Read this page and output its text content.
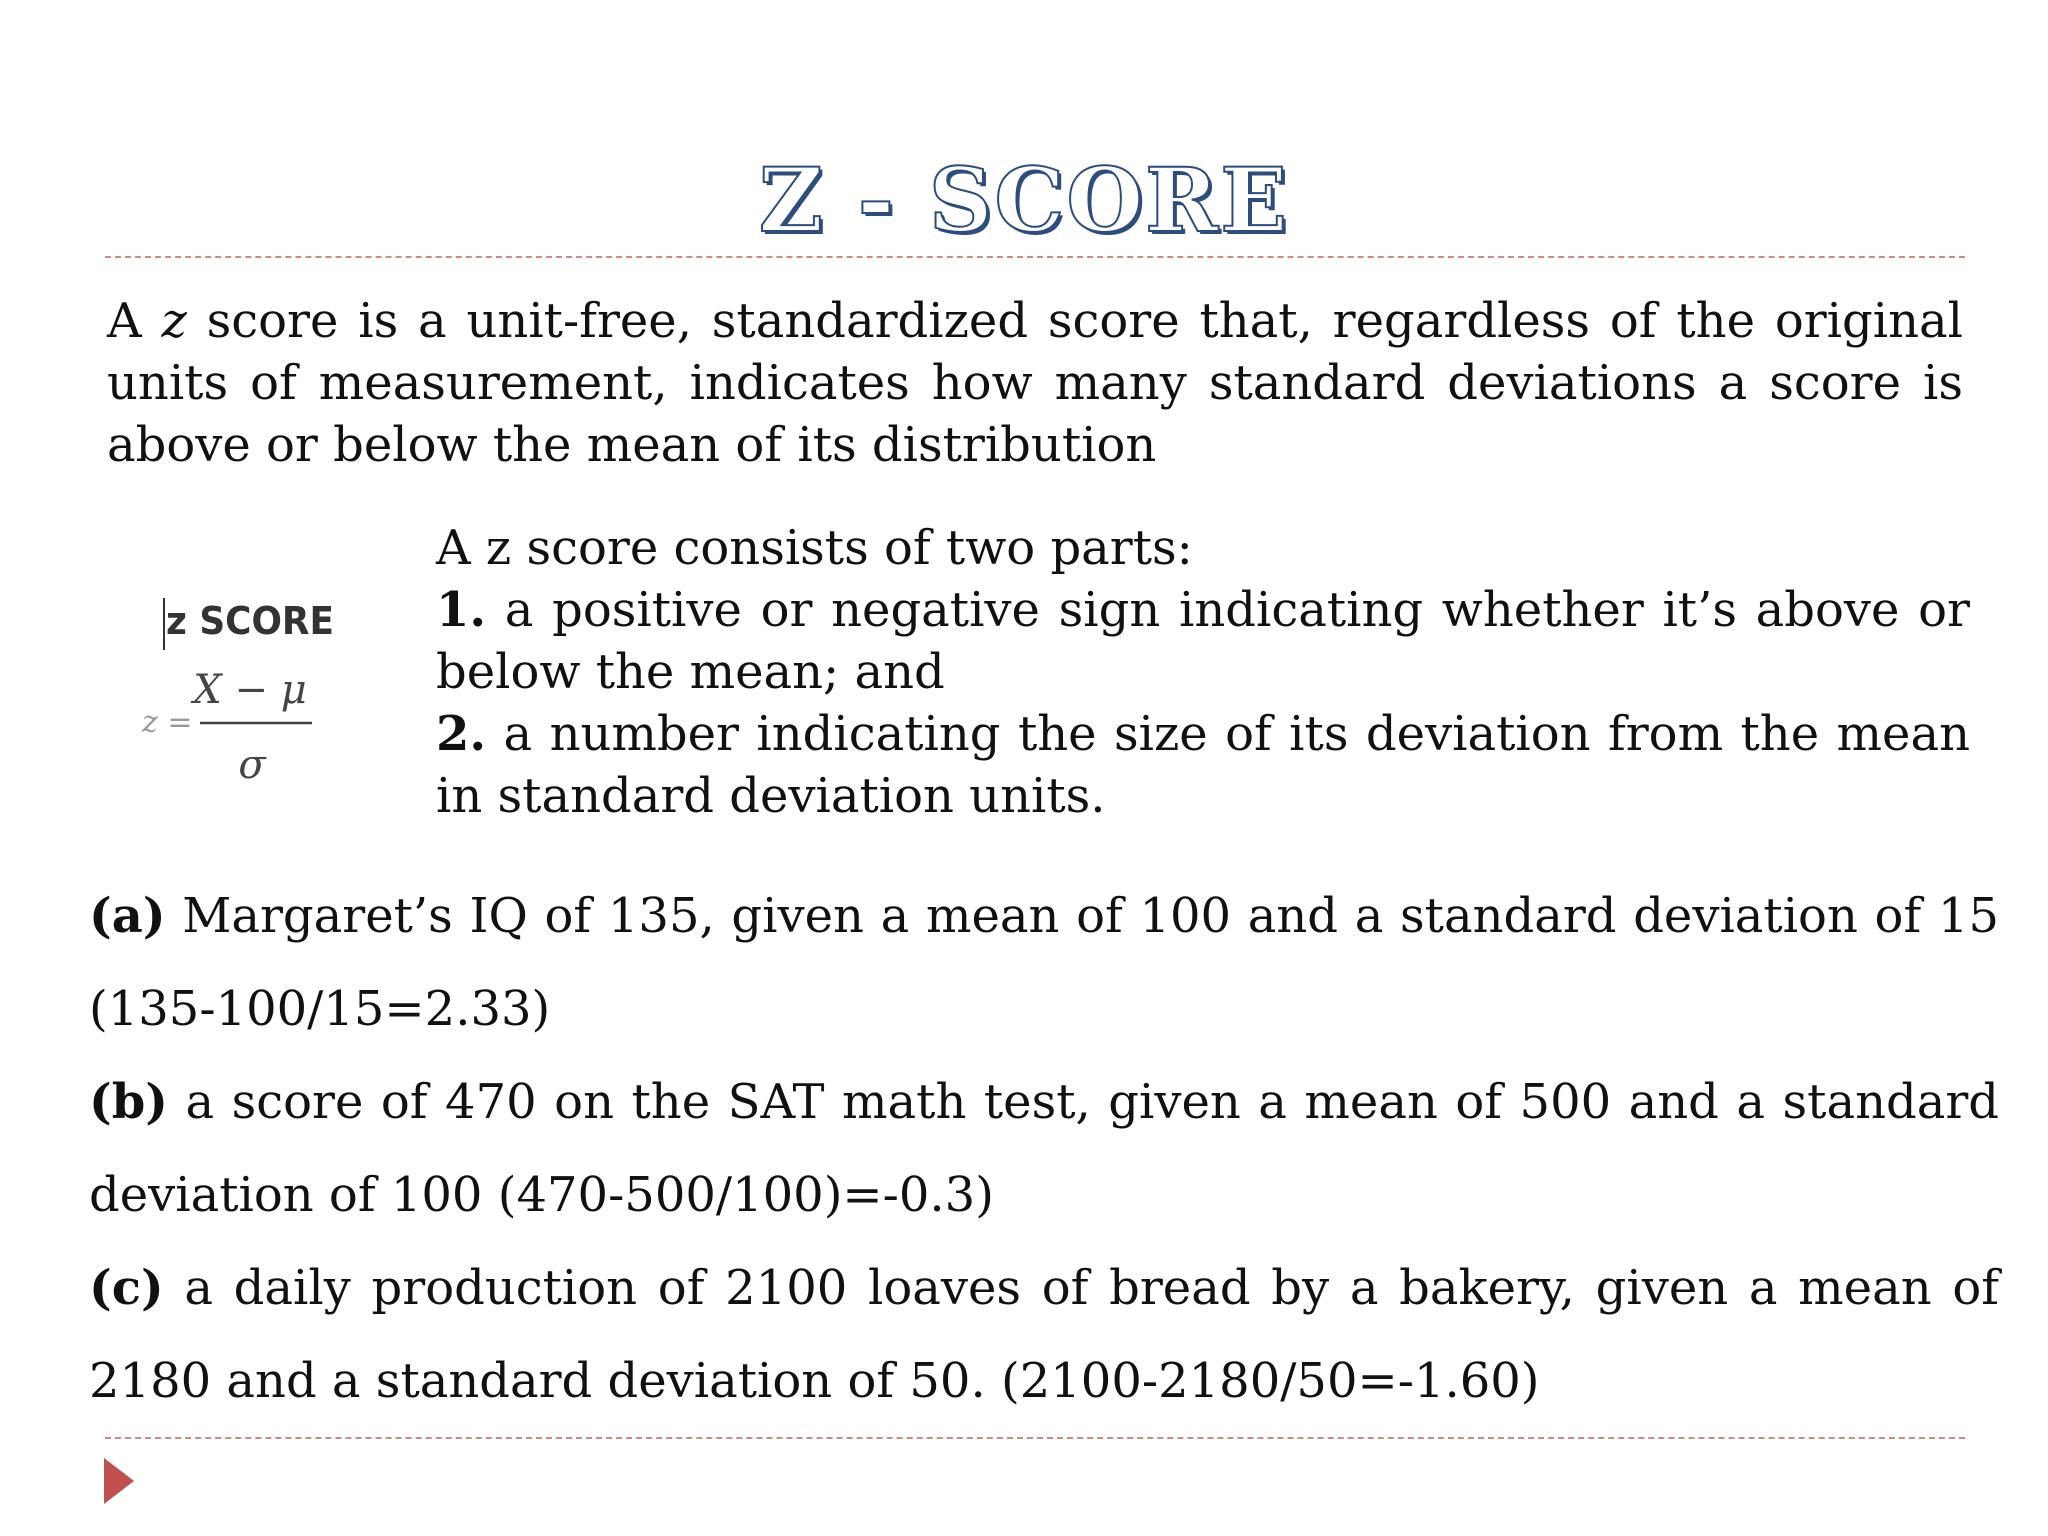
Z - SCORE

A z score is a unit-free, standardized score that, regardless of the original units of measurement, indicates how many standard deviations a score is above or below the mean of its distribution

z SCORE
X − μ
z =
σ
A z score consists of two parts:
1. a positive or negative sign indicating whether it’s above or below the mean; and
2. a number indicating the size of its deviation from the mean in standard deviation units.

(a) Margaret’s IQ of 135, given a mean of 100 and a standard deviation of 15 (135-100/15=2.33)

(b) a score of 470 on the SAT math test, given a mean of 500 and a standard deviation of 100 (470-500/100)=-0.3)

(c) a daily production of 2100 loaves of bread by a bakery, given a mean of 2180 and a standard deviation of 50. (2100-2180/50=-1.60)
